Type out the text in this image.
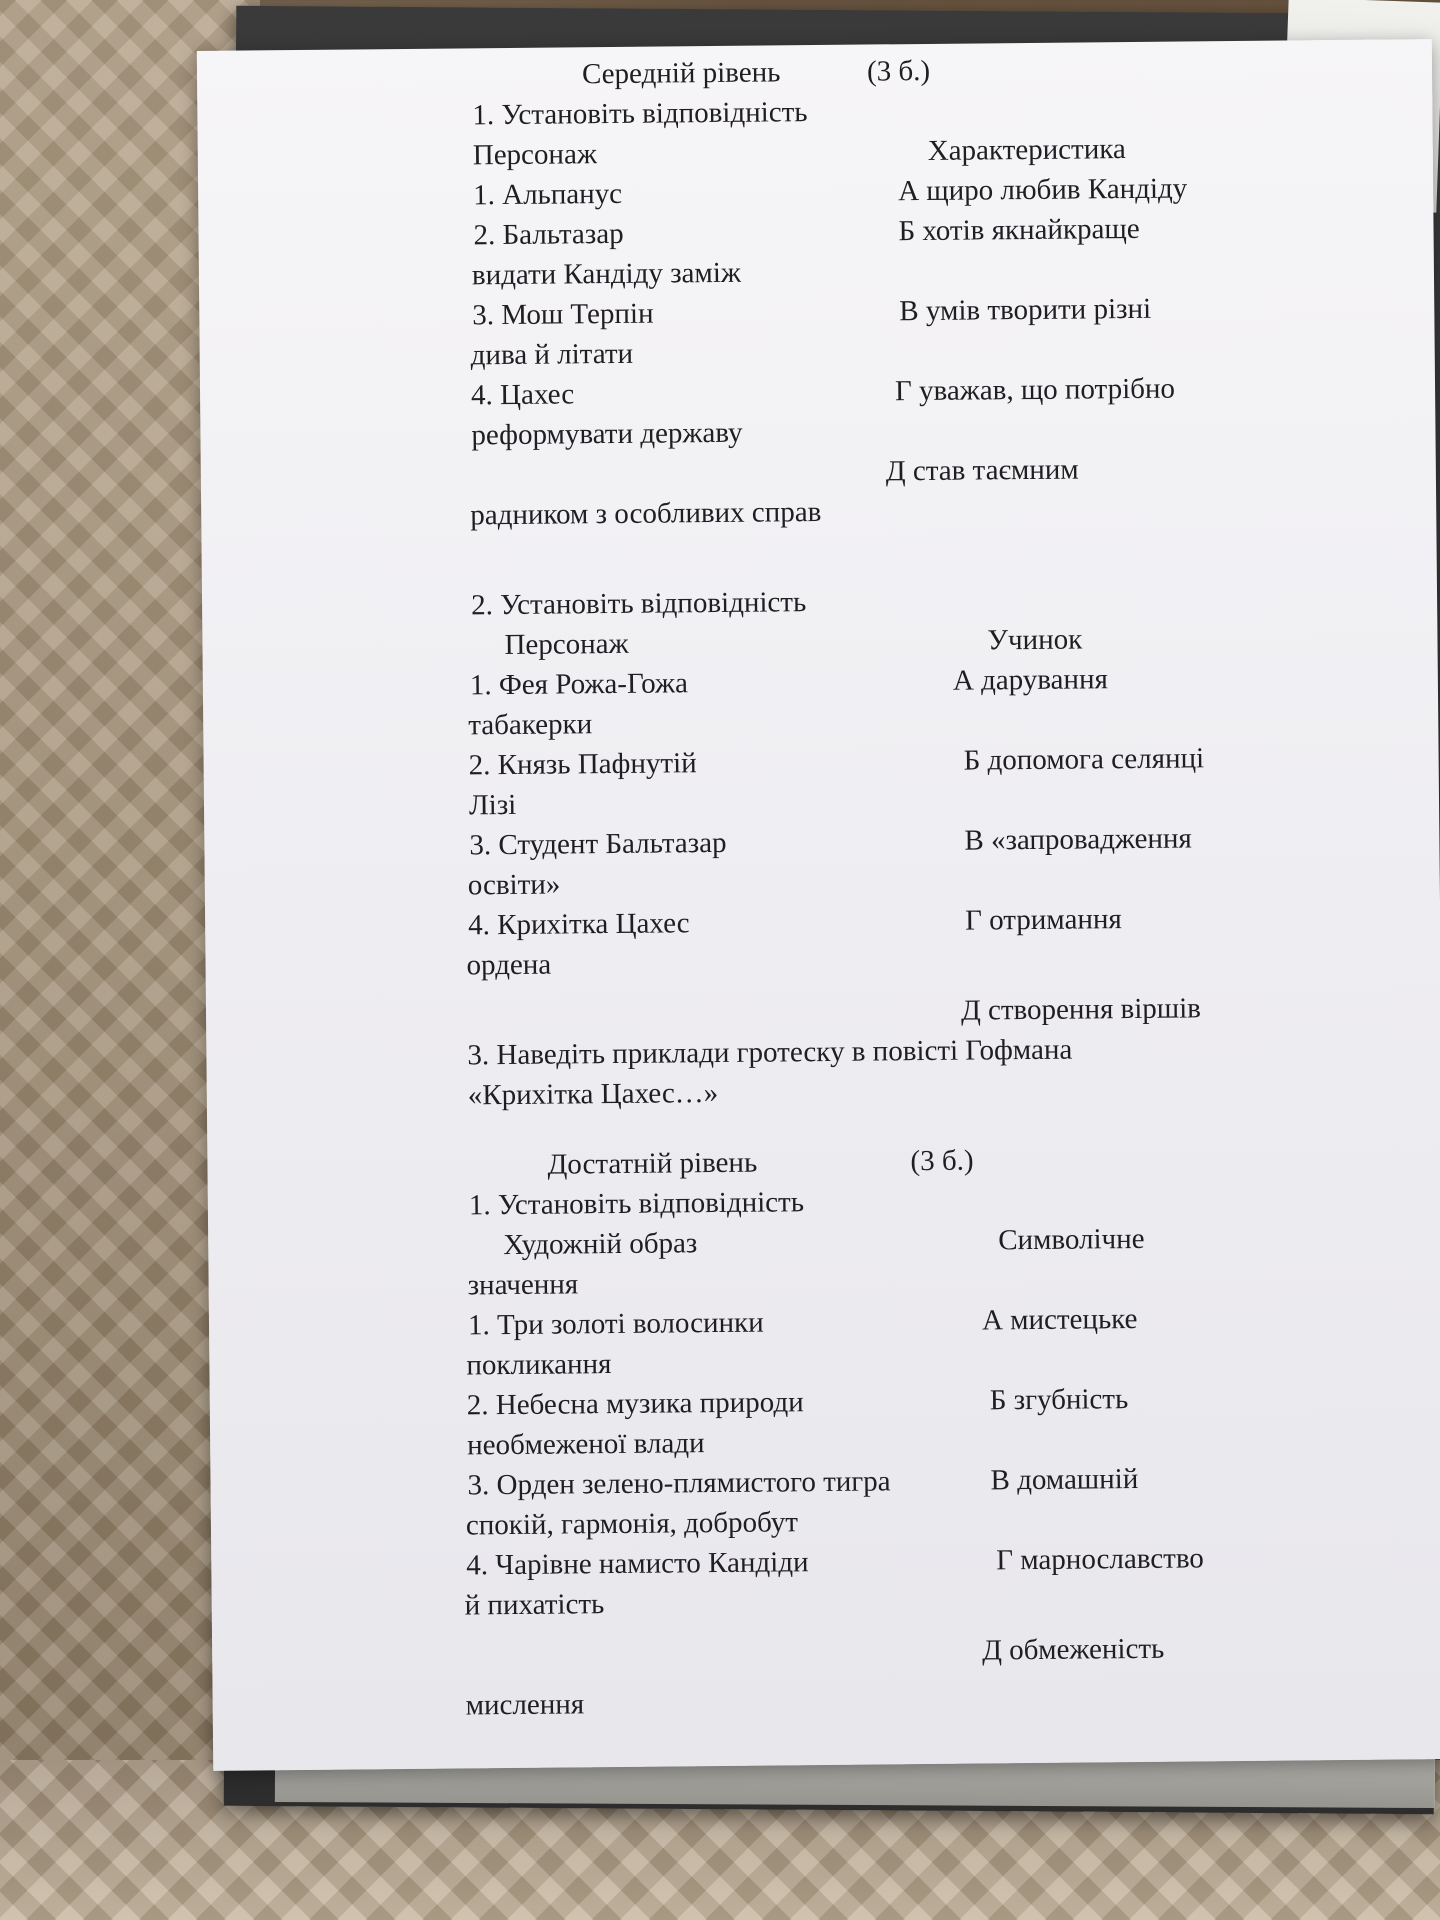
Середній рівень	(3 б.)
1. Установіть відповідність
Персонаж	Характеристика
1. Альпанус	А щиро любив Кандіду
2. Бальтазар	Б хотів якнайкраще
видати Кандіду заміж
3. Мош Терпін	В умів творити різні
дива й літати
4. Цахес	Г уважав, що потрібно
реформувати державу
Д став таємним
радником з особливих справ
2. Установіть відповідність
Персонаж	Учинок
1. Фея Рожа-Гожа	А дарування
табакерки
2. Князь Пафнутій	Б допомога селянці
Лізі
3. Студент Бальтазар	В «запровадження
освіти»
4. Крихітка Цахес	Г отримання
ордена
Д створення віршів
3. Наведіть приклади гротеску в повісті Гофмана
«Крихітка Цахес…»
Достатній рівень	(3 б.)
1. Установіть відповідність
Художній образ	Символічне
значення
1. Три золоті волосинки	А мистецьке
покликання
2. Небесна музика природи	Б згубність
необмеженої влади
3. Орден зелено-плямистого тигра	В домашній
спокій, гармонія, добробут
4. Чарівне намисто Кандіди	Г марнославство
й пихатість
Д обмеженість
мислення
